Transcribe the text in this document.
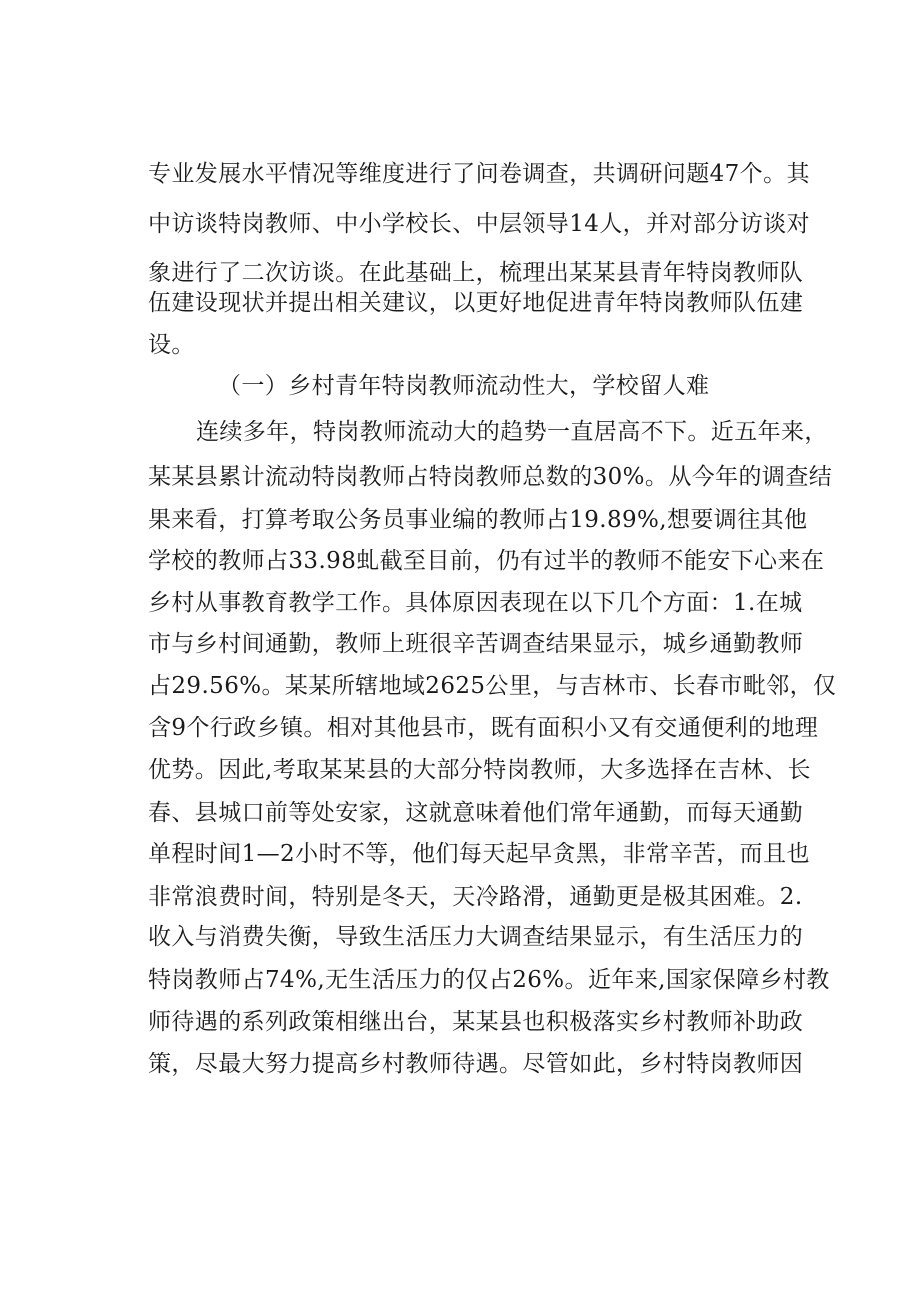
专业发展水平情况等维度进行了问卷调查，共调研问题47个。其

中访谈特岗教师、中小学校长、中层领导14人，并对部分访谈对

象进行了二次访谈。在此基础上，梳理出某某县青年特岗教师队

伍建设现状并提出相关建议，以更好地促进青年特岗教师队伍建

设。

（一）乡村青年特岗教师流动性大，学校留人难

连续多年，特岗教师流动大的趋势一直居高不下。近五年来，

某某县累计流动特岗教师占特岗教师总数的30%。从今年的调查结

果来看，打算考取公务员事业编的教师占19.89%,想要调往其他

学校的教师占33.98虬截至目前，仍有过半的教师不能安下心来在

乡村从事教育教学工作。具体原因表现在以下几个方面：1.在城

市与乡村间通勤，教师上班很辛苦调查结果显示，城乡通勤教师

占29.56%。某某所辖地域2625公里，与吉林市、长春市毗邻，仅

含9个行政乡镇。相对其他县市，既有面积小又有交通便利的地理

优势。因此,考取某某县的大部分特岗教师，大多选择在吉林、长

春、县城口前等处安家，这就意味着他们常年通勤，而每天通勤

单程时间1—2小时不等，他们每天起早贪黑，非常辛苦，而且也

非常浪费时间，特别是冬天，天冷路滑，通勤更是极其困难。2.

收入与消费失衡，导致生活压力大调查结果显示，有生活压力的

特岗教师占74%,无生活压力的仅占26%。近年来,国家保障乡村教

师待遇的系列政策相继出台，某某县也积极落实乡村教师补助政

策，尽最大努力提高乡村教师待遇。尽管如此，乡村特岗教师因
